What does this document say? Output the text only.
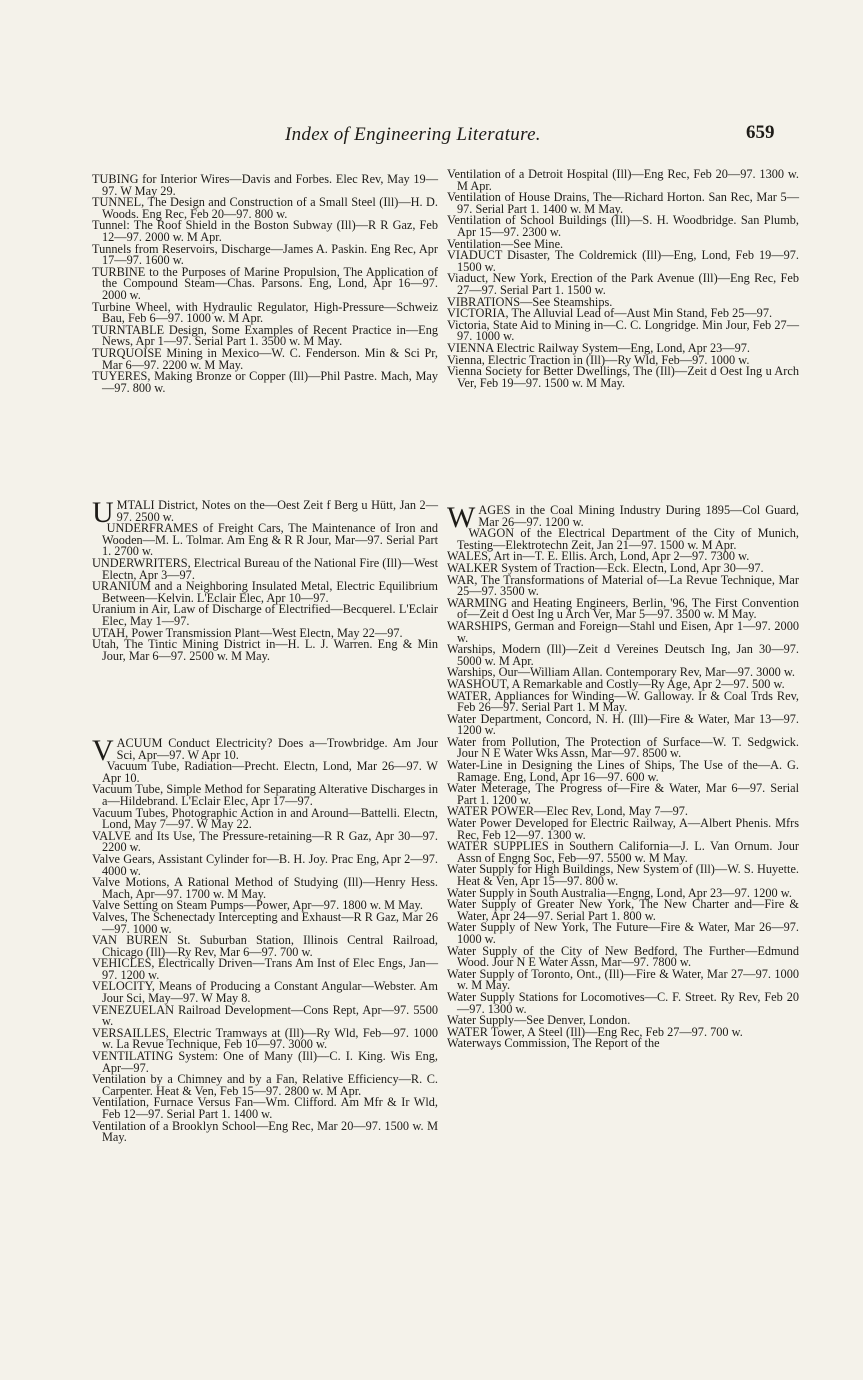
Index of Engineering Literature.	659

TUBING for Interior Wires—Davis and Forbes. Elec Rev, May 19—97. W May 29.

TUNNEL, The Design and Construction of a Small Steel (Ill)—H. D. Woods. Eng Rec, Feb 20—97. 800 w.

Tunnel: The Roof Shield in the Boston Subway (Ill)—R R Gaz, Feb 12—97. 2000 w. M Apr.

Tunnels from Reservoirs, Discharge—James A. Paskin. Eng Rec, Apr 17—97. 1600 w.

TURBINE to the Purposes of Marine Propulsion, The Application of the Compound Steam—Chas. Parsons. Eng, Lond, Apr 16—97. 2000 w.

Turbine Wheel, with Hydraulic Regulator, High-Pressure—Schweiz Bau, Feb 6—97. 1000 w. M Apr.

TURNTABLE Design, Some Examples of Recent Practice in—Eng News, Apr 1—97. Serial Part 1. 3500 w. M May.

TURQUOISE Mining in Mexico—W. C. Fenderson. Min & Sci Pr, Mar 6—97. 2200 w. M May.

TUYERES, Making Bronze or Copper (Ill)—Phil Pastre. Mach, May—97. 800 w.

UMTALI District, Notes on the—Oest Zeit f Berg u Hütt, Jan 2—97. 2500 w.

UNDERFRAMES of Freight Cars, The Maintenance of Iron and Wooden—M. L. Tolmar. Am Eng & R R Jour, Mar—97. Serial Part 1. 2700 w.

UNDERWRITERS, Electrical Bureau of the National Fire (Ill)—West Electn, Apr 3—97.

URANIUM and a Neighboring Insulated Metal, Electric Equilibrium Between—Kelvin. L'Eclair Elec, Apr 10—97.

Uranium in Air, Law of Discharge of Electrified—Becquerel. L'Eclair Elec, May 1—97.

UTAH, Power Transmission Plant—West Electn, May 22—97.

Utah, The Tintic Mining District in—H. L. J. Warren. Eng & Min Jour, Mar 6—97. 2500 w. M May.

VACUUM Conduct Electricity? Does a—Trowbridge. Am Jour Sci, Apr—97. W Apr 10.

Vacuum Tube, Radiation—Precht. Electn, Lond, Mar 26—97. W Apr 10.

Vacuum Tube, Simple Method for Separating Alterative Discharges in a—Hildebrand. L'Eclair Elec, Apr 17—97.

Vacuum Tubes, Photographic Action in and Around—Battelli. Electn, Lond, May 7—97. W May 22.

VALVE and Its Use, The Pressure-retaining—R R Gaz, Apr 30—97. 2200 w.

Valve Gears, Assistant Cylinder for—B. H. Joy. Prac Eng, Apr 2—97. 4000 w.

Valve Motions, A Rational Method of Studying (Ill)—Henry Hess. Mach, Apr—97. 1700 w. M May.

Valve Setting on Steam Pumps—Power, Apr—97. 1800 w. M May.

Valves, The Schenectady Intercepting and Exhaust—R R Gaz, Mar 26—97. 1000 w.

VAN BUREN St. Suburban Station, Illinois Central Railroad, Chicago (Ill)—Ry Rev, Mar 6—97. 700 w.

VEHICLES, Electrically Driven—Trans Am Inst of Elec Engs, Jan—97. 1200 w.

VELOCITY, Means of Producing a Constant Angular—Webster. Am Jour Sci, May—97. W May 8.

VENEZUELAN Railroad Development—Cons Rept, Apr—97. 5500 w.

VERSAILLES, Electric Tramways at (Ill)—Ry Wld, Feb—97. 1000 w. La Revue Technique, Feb 10—97. 3000 w.

VENTILATING System: One of Many (Ill)—C. I. King. Wis Eng, Apr—97.

Ventilation by a Chimney and by a Fan, Relative Efficiency—R. C. Carpenter. Heat & Ven, Feb 15—97. 2800 w. M Apr.

Ventilation, Furnace Versus Fan—Wm. Clifford. Am Mfr & Ir Wld, Feb 12—97. Serial Part 1. 1400 w.

Ventilation of a Brooklyn School—Eng Rec, Mar 20—97. 1500 w. M May.

Ventilation of a Detroit Hospital (Ill)—Eng Rec, Feb 20—97. 1300 w. M Apr.

Ventilation of House Drains, The—Richard Horton. San Rec, Mar 5—97. Serial Part 1. 1400 w. M May.

Ventilation of School Buildings (Ill)—S. H. Woodbridge. San Plumb, Apr 15—97. 2300 w.

Ventilation—See Mine.

VIADUCT Disaster, The Coldremick (Ill)—Eng, Lond, Feb 19—97. 1500 w.

Viaduct, New York, Erection of the Park Avenue (Ill)—Eng Rec, Feb 27—97. Serial Part 1. 1500 w.

VIBRATIONS—See Steamships.

VICTORIA, The Alluvial Lead of—Aust Min Stand, Feb 25—97.

Victoria, State Aid to Mining in—C. C. Longridge. Min Jour, Feb 27—97. 1000 w.

VIENNA Electric Railway System—Eng, Lond, Apr 23—97.

Vienna, Electric Traction in (Ill)—Ry Wld, Feb—97. 1000 w.

Vienna Society for Better Dwellings, The (Ill)—Zeit d Oest Ing u Arch Ver, Feb 19—97. 1500 w. M May.

WAGES in the Coal Mining Industry During 1895—Col Guard, Mar 26—97. 1200 w.

WAGON of the Electrical Department of the City of Munich, Testing—Elektrotechn Zeit, Jan 21—97. 1500 w. M Apr.

WALES, Art in—T. E. Ellis. Arch, Lond, Apr 2—97. 7300 w.

WALKER System of Traction—Eck. Electn, Lond, Apr 30—97.

WAR, The Transformations of Material of—La Revue Technique, Mar 25—97. 3500 w.

WARMING and Heating Engineers, Berlin, '96, The First Convention of—Zeit d Oest Ing u Arch Ver, Mar 5—97. 3500 w. M May.

WARSHIPS, German and Foreign—Stahl und Eisen, Apr 1—97. 2000 w.

Warships, Modern (Ill)—Zeit d Vereines Deutsch Ing, Jan 30—97. 5000 w. M Apr.

Warships, Our—William Allan. Contemporary Rev, Mar—97. 3000 w.

WASHOUT, A Remarkable and Costly—Ry Age, Apr 2—97. 500 w.

WATER, Appliances for Winding—W. Galloway. Ir & Coal Trds Rev, Feb 26—97. Serial Part 1. M May.

Water Department, Concord, N. H. (Ill)—Fire & Water, Mar 13—97. 1200 w.

Water from Pollution, The Protection of Surface—W. T. Sedgwick. Jour N E Water Wks Assn, Mar—97. 8500 w.

Water-Line in Designing the Lines of Ships, The Use of the—A. G. Ramage. Eng, Lond, Apr 16—97. 600 w.

Water Meterage, The Progress of—Fire & Water, Mar 6—97. Serial Part 1. 1200 w.

WATER POWER—Elec Rev, Lond, May 7—97.

Water Power Developed for Electric Railway, A—Albert Phenis. Mfrs Rec, Feb 12—97. 1300 w.

WATER SUPPLIES in Southern California—J. L. Van Ornum. Jour Assn of Engng Soc, Feb—97. 5500 w. M May.

Water Supply for High Buildings, New System of (Ill)—W. S. Huyette. Heat & Ven, Apr 15—97. 800 w.

Water Supply in South Australia—Engng, Lond, Apr 23—97. 1200 w.

Water Supply of Greater New York, The New Charter and—Fire & Water, Apr 24—97. Serial Part 1. 800 w.

Water Supply of New York, The Future—Fire & Water, Mar 26—97. 1000 w.

Water Supply of the City of New Bedford, The Further—Edmund Wood. Jour N E Water Assn, Mar—97. 7800 w.

Water Supply of Toronto, Ont., (Ill)—Fire & Water, Mar 27—97. 1000 w. M May.

Water Supply Stations for Locomotives—C. F. Street. Ry Rev, Feb 20—97. 1300 w.

Water Supply—See Denver, London.

WATER Tower, A Steel (Ill)—Eng Rec, Feb 27—97. 700 w.

Waterways Commission, The Report of the
